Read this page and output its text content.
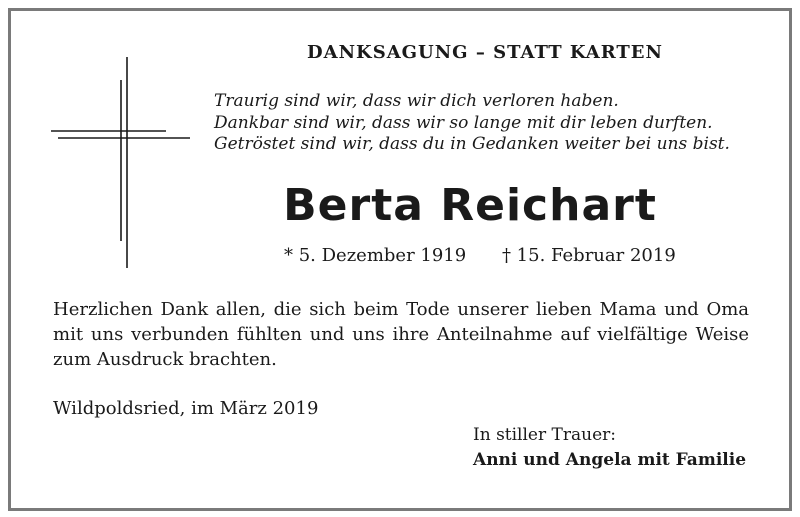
DANKSAGUNG – STATT KARTEN
Traurig sind wir, dass wir dich verloren haben.
Dankbar sind wir, dass wir so lange mit dir leben durften.
Getröstet sind wir, dass du in Gedanken weiter bei uns bist.
Berta Reichart
* 5. Dezember 1919 † 15. Februar 2019
Herzlichen Dank allen, die sich beim Tode unserer lieben Mama und Oma mit uns verbunden fühlten und uns ihre Anteilnahme auf vielfältige Weise zum Ausdruck brachten.
Wildpoldsried, im März 2019
In stiller Trauer:
Anni und Angela mit Familie
